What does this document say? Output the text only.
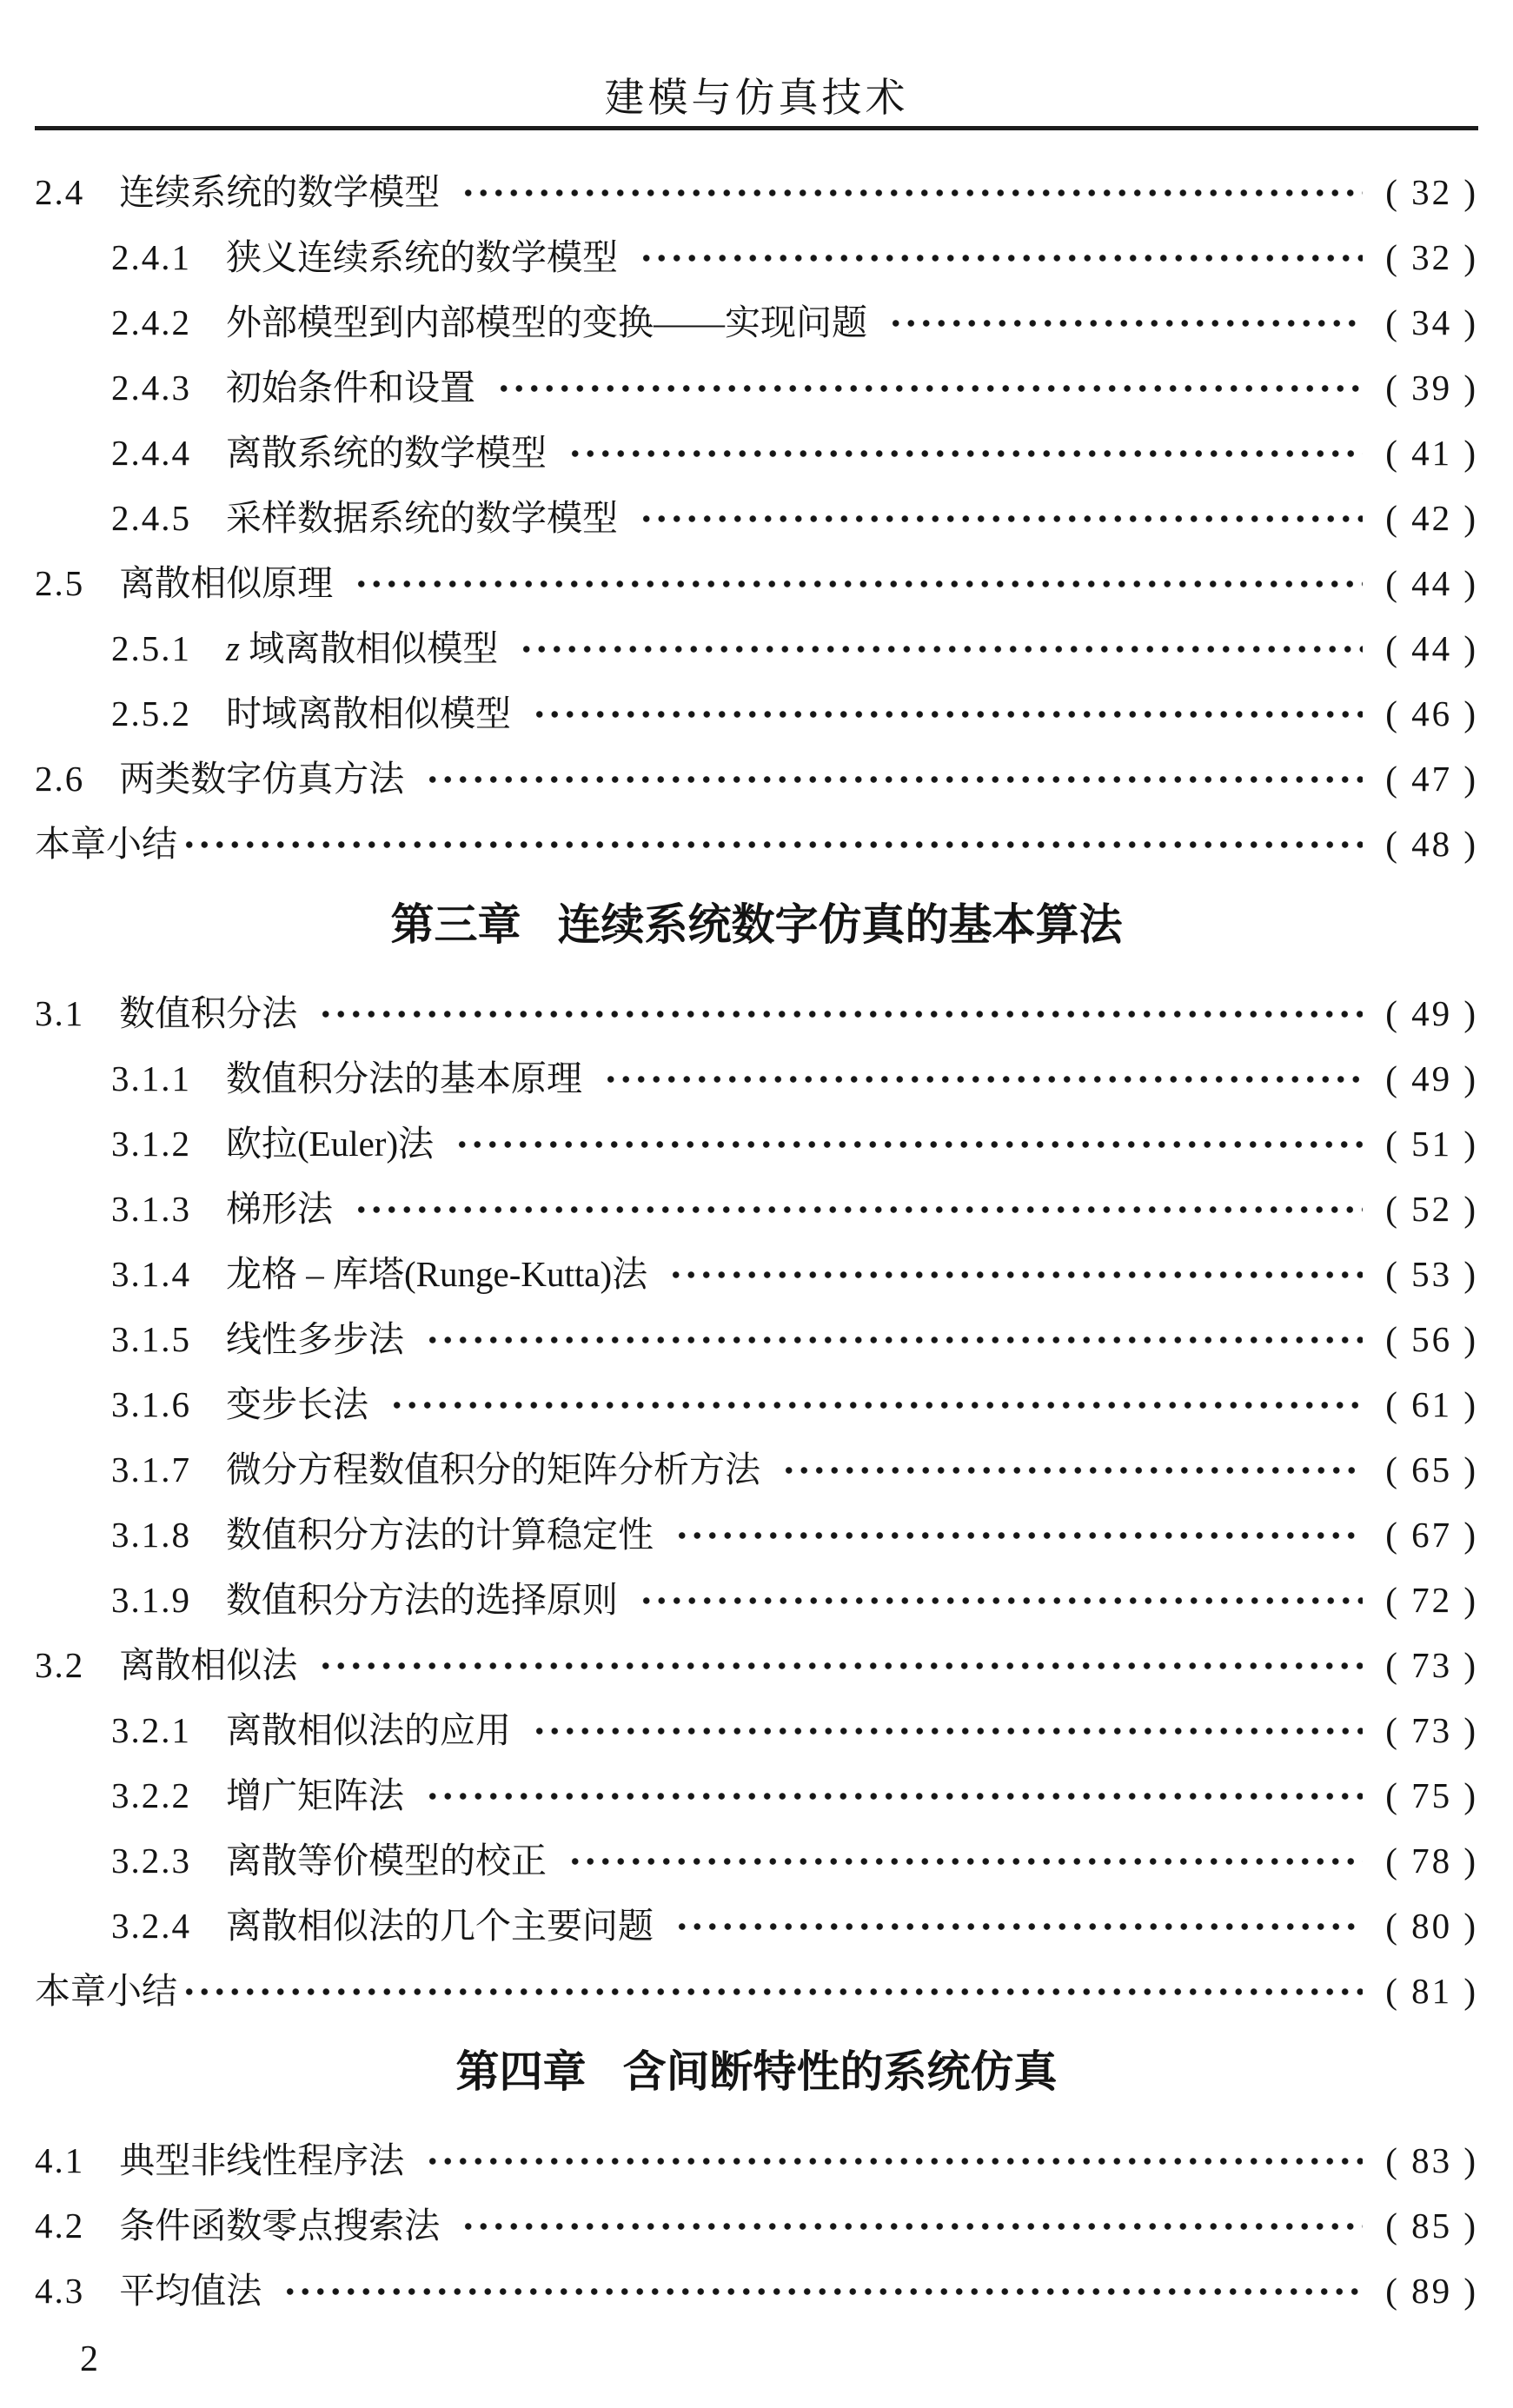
建模与仿真技术
2.4 连续系统的数学模型	( 32 )
2.4.1 狭义连续系统的数学模型	( 32 )
2.4.2 外部模型到内部模型的变换——实现问题	( 34 )
2.4.3 初始条件和设置	( 39 )
2.4.4 离散系统的数学模型	( 41 )
2.4.5 采样数据系统的数学模型	( 42 )
2.5 离散相似原理	( 44 )
2.5.1 z 域离散相似模型	( 44 )
2.5.2 时域离散相似模型	( 46 )
2.6 两类数字仿真方法	( 47 )
本章小结	( 48 )
第三章 连续系统数字仿真的基本算法
3.1 数值积分法	( 49 )
3.1.1 数值积分法的基本原理	( 49 )
3.1.2 欧拉(Euler)法	( 51 )
3.1.3 梯形法	( 52 )
3.1.4 龙格 – 库塔(Runge-Kutta)法	( 53 )
3.1.5 线性多步法	( 56 )
3.1.6 变步长法	( 61 )
3.1.7 微分方程数值积分的矩阵分析方法	( 65 )
3.1.8 数值积分方法的计算稳定性	( 67 )
3.1.9 数值积分方法的选择原则	( 72 )
3.2 离散相似法	( 73 )
3.2.1 离散相似法的应用	( 73 )
3.2.2 增广矩阵法	( 75 )
3.2.3 离散等价模型的校正	( 78 )
3.2.4 离散相似法的几个主要问题	( 80 )
本章小结	( 81 )
第四章 含间断特性的系统仿真
4.1 典型非线性程序法	( 83 )
4.2 条件函数零点搜索法	( 85 )
4.3 平均值法	( 89 )
2
